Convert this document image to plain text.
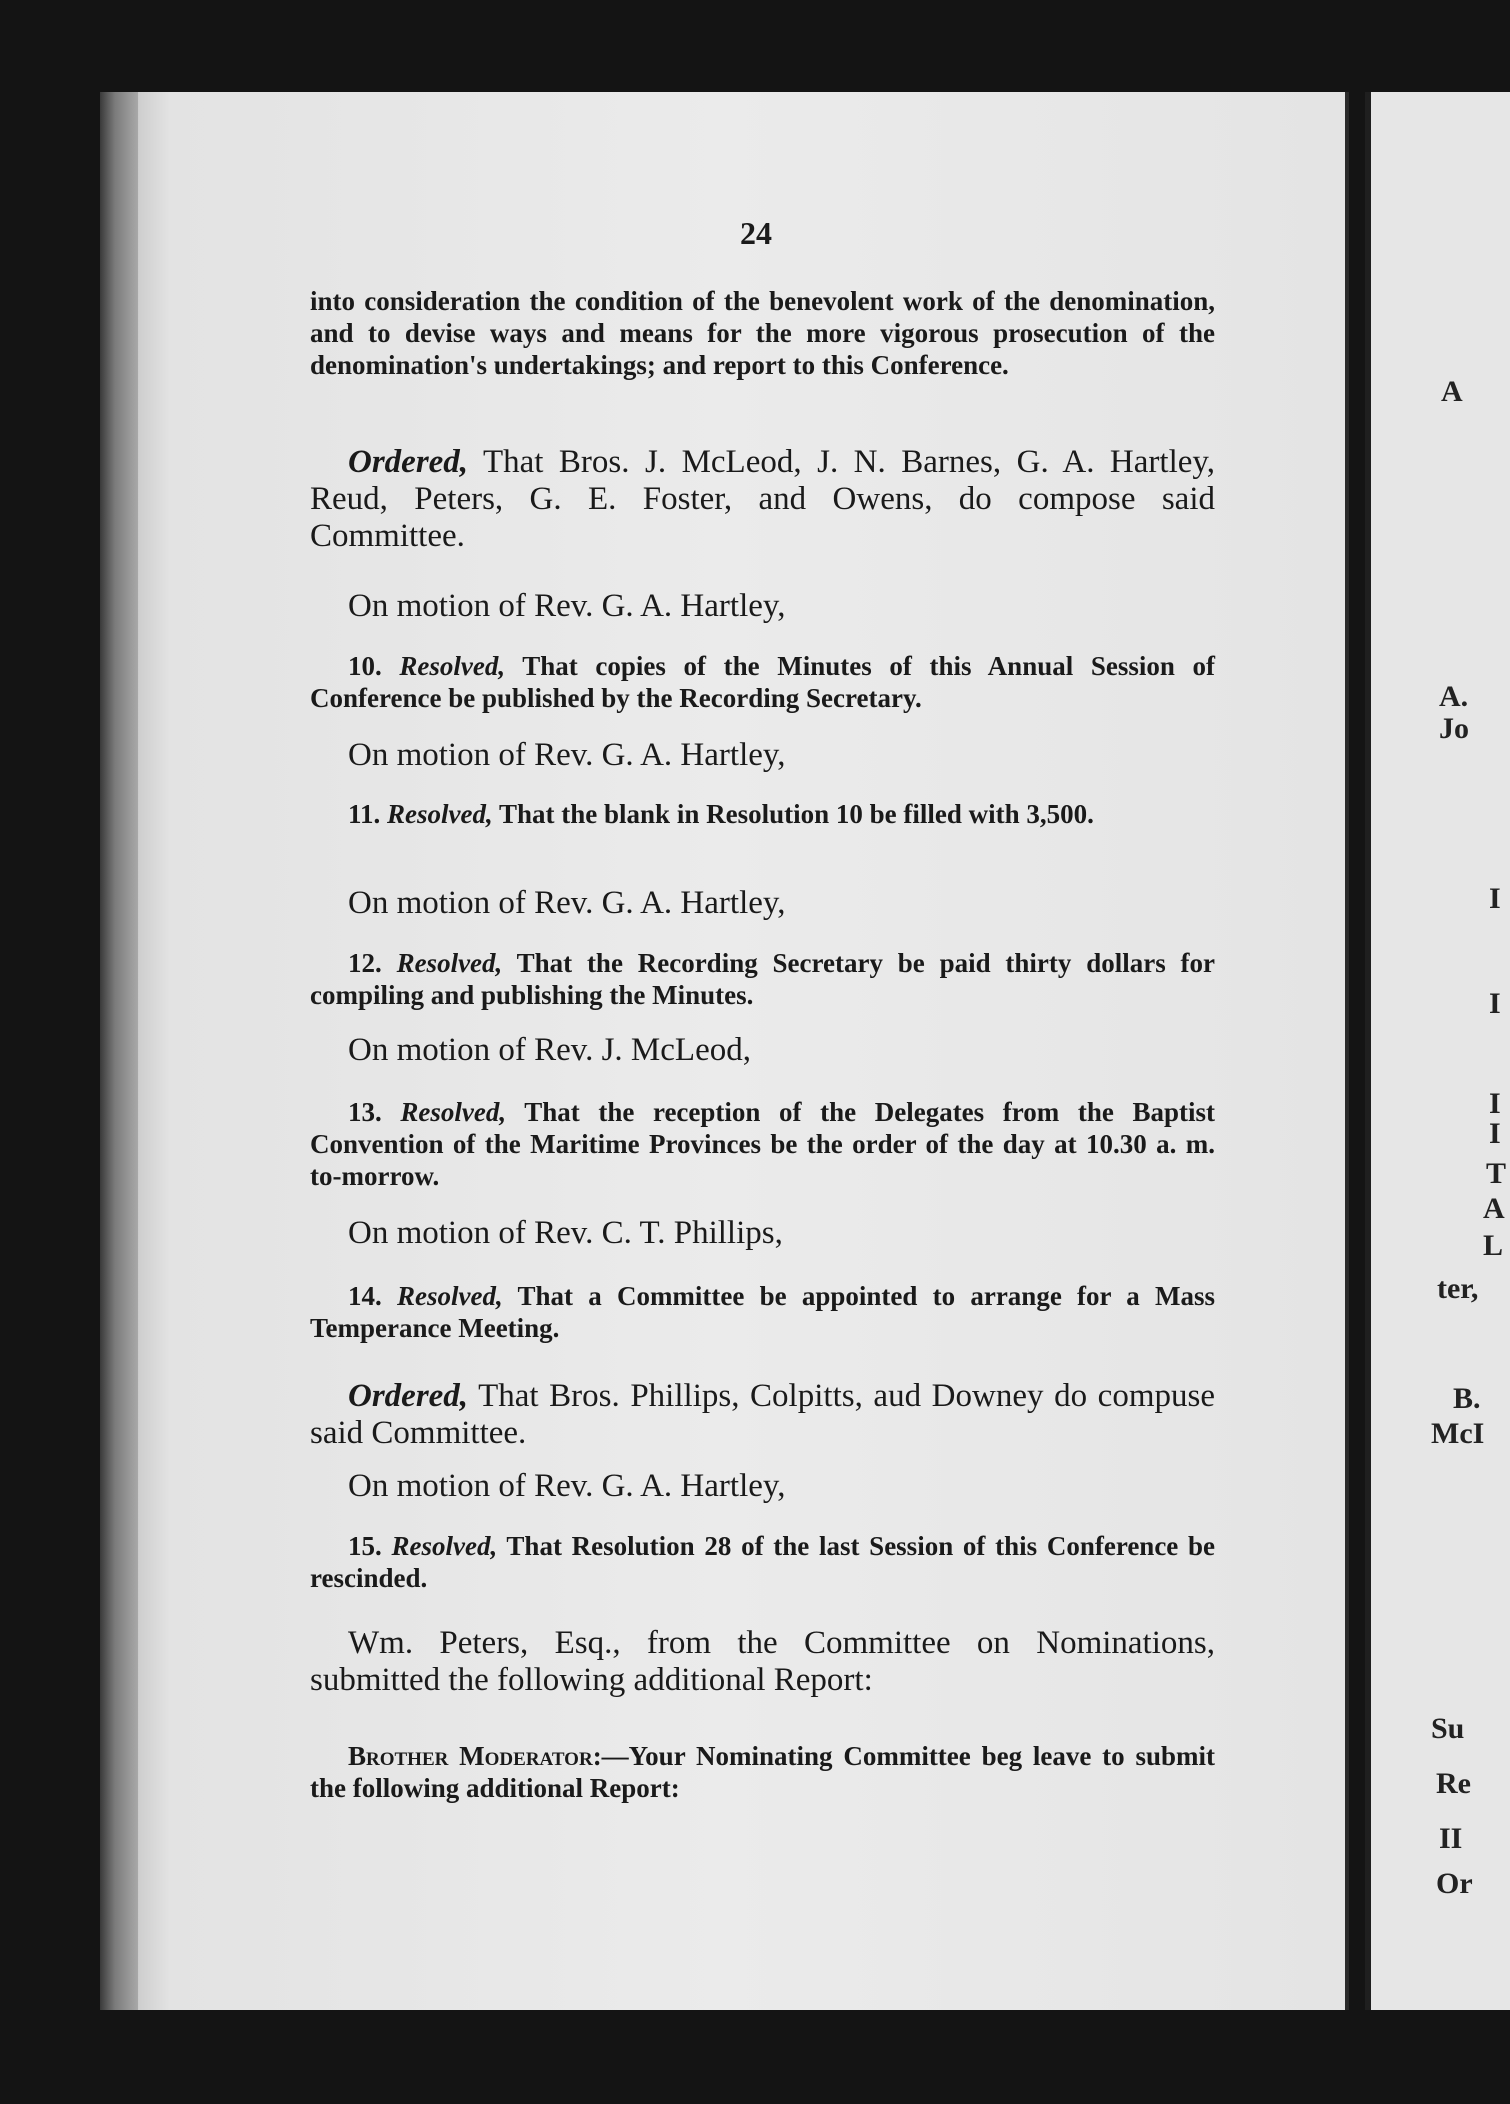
24

into consideration the condition of the benevolent work of the denomination, and to devise ways and means for the more vigorous prosecution of the denomination's undertakings; and report to this Conference.

Ordered, That Bros. J. McLeod, J. N. Barnes, G. A. Hartley, Reud, Peters, G. E. Foster, and Owens, do compose said Committee.

On motion of Rev. G. A. Hartley,

10. Resolved, That copies of the Minutes of this Annual Session of Conference be published by the Recording Secretary.

On motion of Rev. G. A. Hartley,

11. Resolved, That the blank in Resolution 10 be filled with 3,500.

On motion of Rev. G. A. Hartley,

12. Resolved, That the Recording Secretary be paid thirty dollars for compiling and publishing the Minutes.

On motion of Rev. J. McLeod,

13. Resolved, That the reception of the Delegates from the Baptist Convention of the Maritime Provinces be the order of the day at 10.30 a. m. to-morrow.

On motion of Rev. C. T. Phillips,

14. Resolved, That a Committee be appointed to arrange for a Mass Temperance Meeting.

Ordered, That Bros. Phillips, Colpitts, aud Downey do compuse said Committee.

On motion of Rev. G. A. Hartley,

15. Resolved, That Resolution 28 of the last Session of this Conference be rescinded.

Wm. Peters, Esq., from the Committee on Nominations, submitted the following additional Report:

Brother Moderator:—Your Nominating Committee beg leave to submit the following additional Report:

A
A.
Jo
I
I
I
I
T
A
L
ter,
B.
McI
Su
Re
II
Or
